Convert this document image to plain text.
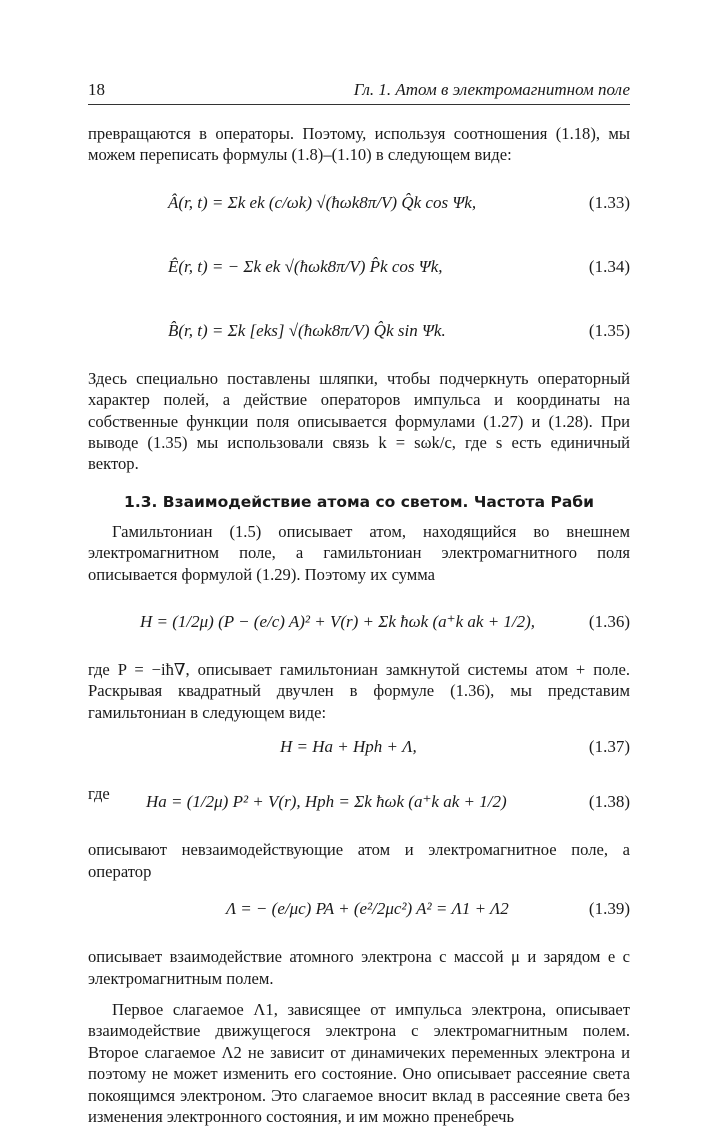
18	Гл. 1. Атом в электромагнитном поле

превращаются в операторы. Поэтому, используя соотношения (1.18), мы можем переписать формулы (1.8)–(1.10) в следующем виде:

Â(r, t) = Σk ek (c/ωk) √(ħωk8π/V) Q̂k cos Ψk,	(1.33)
Ê(r, t) = − Σk ek √(ħωk8π/V) P̂k cos Ψk,	(1.34)
B̂(r, t) = Σk [eks] √(ħωk8π/V) Q̂k sin Ψk.	(1.35)

Здесь специально поставлены шляпки, чтобы подчеркнуть операторный характер полей, а действие операторов импульса и координаты на собственные функции поля описывается формулами (1.27) и (1.28). При выводе (1.35) мы использовали связь k = sωk/c, где s есть единичный вектор.

1.3. Взаимодействие атома со светом. Частота Раби

Гамильтониан (1.5) описывает атом, находящийся во внешнем электромагнитном поле, а гамильтониан электромагнитного поля описывается формулой (1.29). Поэтому их сумма

H = (1/2μ) (P − (e/c) A)² + V(r) + Σk ħωk (a⁺k ak + 1/2),	(1.36)

где P = −iħ∇, описывает гамильтониан замкнутой системы атом + поле. Раскрывая квадратный двучлен в формуле (1.36), мы представим гамильтониан в следующем виде:

H = Ha + Hph + Λ,	(1.37)
где Ha = (1/2μ) P² + V(r), Hph = Σk ħωk (a⁺k ak + 1/2)	(1.38)

описывают невзаимодействующие атом и электромагнитное поле, а оператор

Λ = − (e/μc) PA + (e²/2μc²) A² = Λ1 + Λ2	(1.39)

описывает взаимодействие атомного электрона с массой μ и зарядом e с электромагнитным полем.

Первое слагаемое Λ1, зависящее от импульса электрона, описывает взаимодействие движущегося электрона с электромагнитным полем. Второе слагаемое Λ2 не зависит от динамичеких переменных электрона и поэтому не может изменить его состояние. Оно описывает рассеяние света покоящимся электроном. Это слагаемое вносит вклад в рассеяние света без изменения электронного состояния, и им можно пренебречь
